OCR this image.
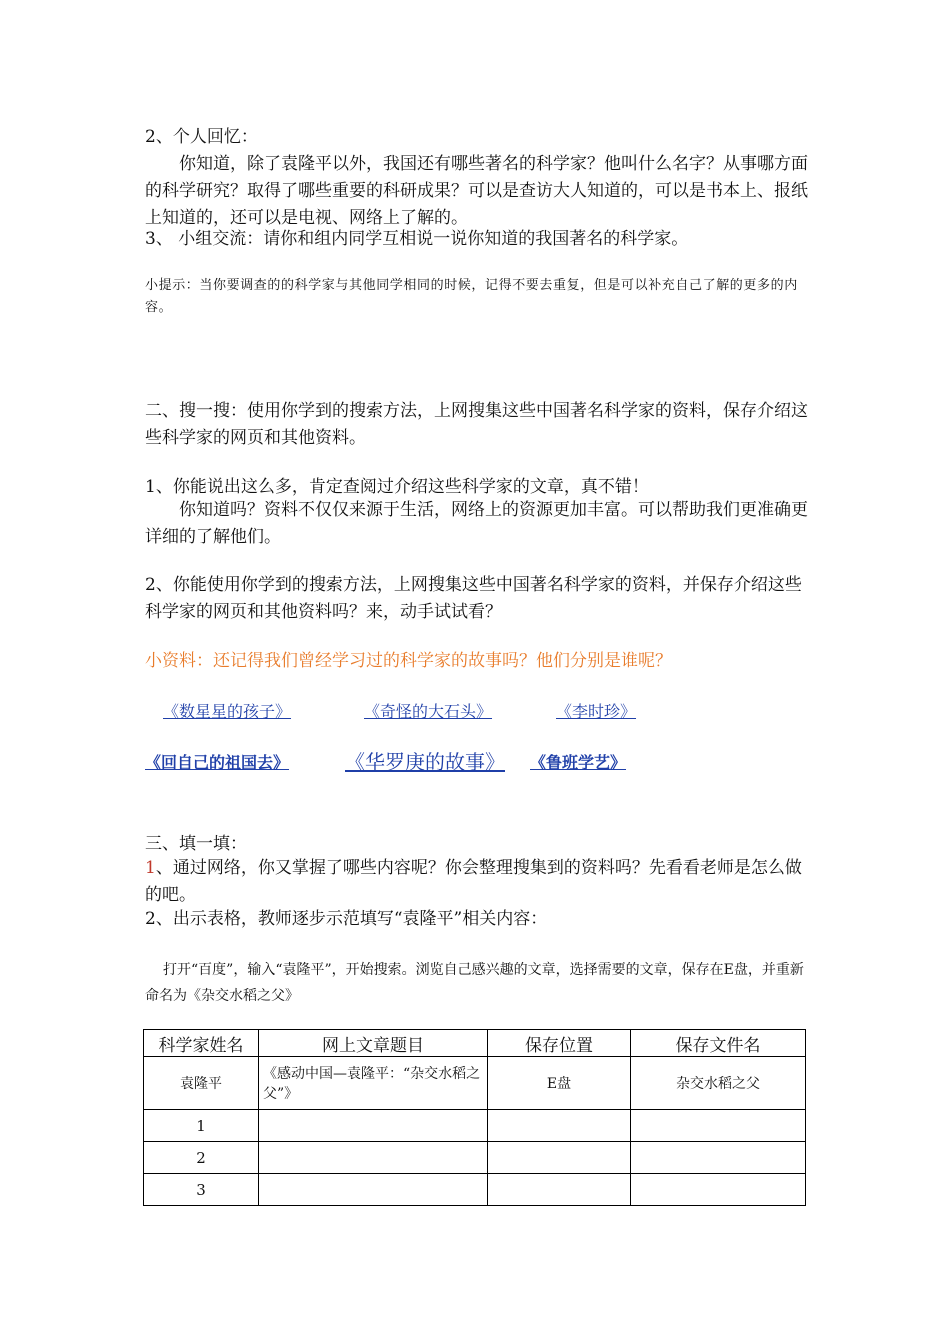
2、个人回忆：

你知道，除了袁隆平以外，我国还有哪些著名的科学家？他叫什么名字？从事哪方面的科学研究？取得了哪些重要的科研成果？可以是查访大人知道的，可以是书本上、报纸上知道的，还可以是电视、网络上了解的。

3、 小组交流：请你和组内同学互相说一说你知道的我国著名的科学家。

小提示：当你要调查的的科学家与其他同学相同的时候，记得不要去重复，但是可以补充自己了解的更多的内容。

二、搜一搜：使用你学到的搜索方法，上网搜集这些中国著名科学家的资料，保存介绍这些科学家的网页和其他资料。

1、你能说出这么多，肯定查阅过介绍这些科学家的文章，真不错！

你知道吗？资料不仅仅来源于生活，网络上的资源更加丰富。可以帮助我们更准确更详细的了解他们。

2、你能使用你学到的搜索方法，上网搜集这些中国著名科学家的资料，并保存介绍这些科学家的网页和其他资料吗？来，动手试试看？

小资料：还记得我们曾经学习过的科学家的故事吗？他们分别是谁呢？

《数星星的孩子》	《奇怪的大石头》	《李时珍》
《回自己的祖国去》	《华罗庚的故事》 《鲁班学艺》

三、填一填：

1、通过网络，你又掌握了哪些内容呢？你会整理搜集到的资料吗？先看看老师是怎么做的吧。

2、出示表格，教师逐步示范填写“袁隆平”相关内容：

打开“百度”，输入“袁隆平”，开始搜索。浏览自己感兴趣的文章，选择需要的文章，保存在E盘，并重新命名为《杂交水稻之父》

科学家姓名	网上文章题目	保存位置	保存文件名
袁隆平	《感动中国—袁隆平：“杂交水稻之父”》	E盘	杂交水稻之父
1			
2			
3			
